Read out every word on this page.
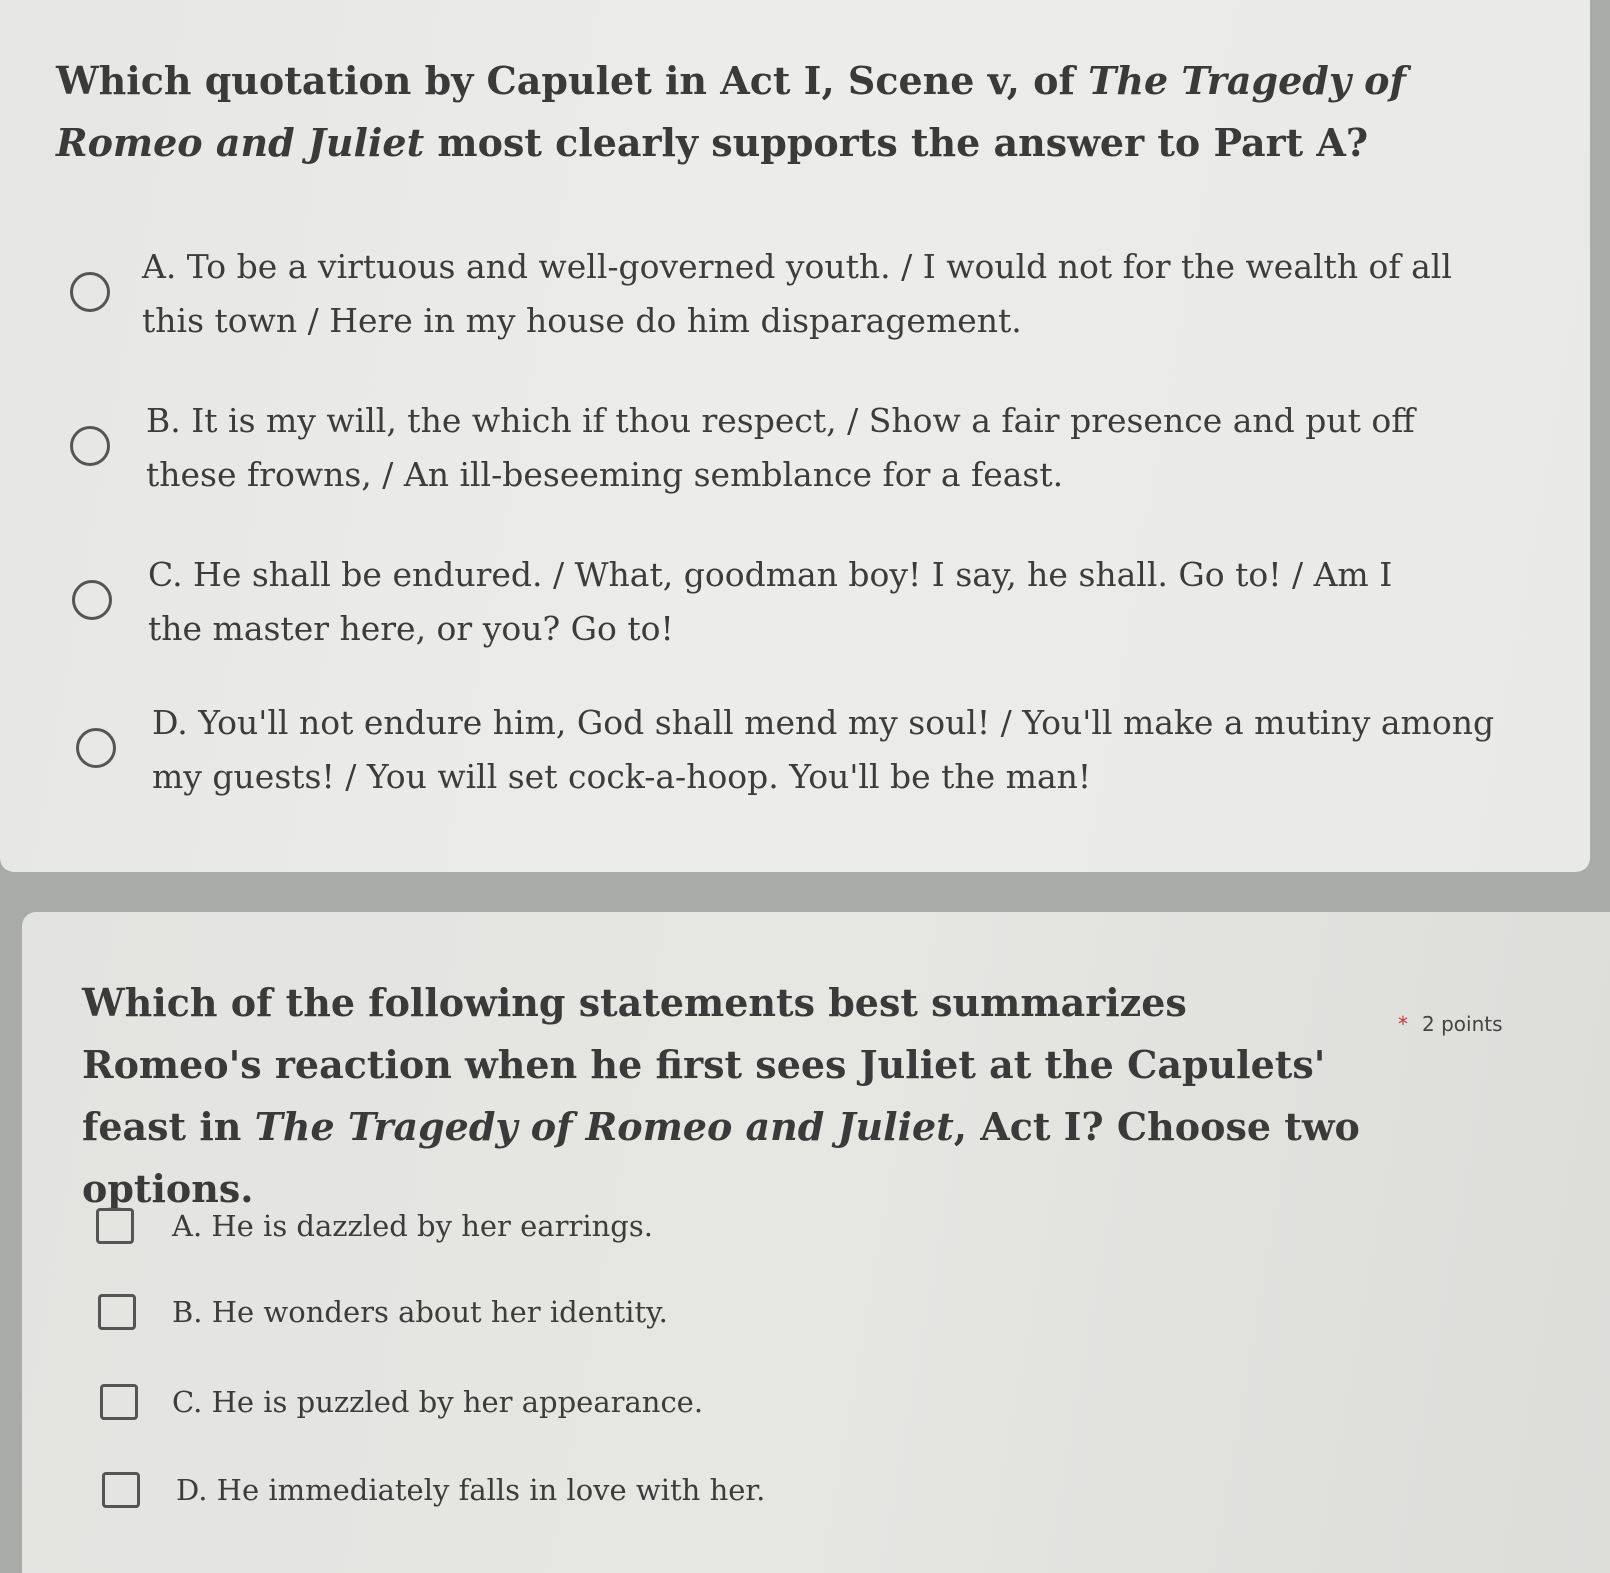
Which quotation by Capulet in Act I, Scene v, of The Tragedy of Romeo and Juliet most clearly supports the answer to Part A?
A. To be a virtuous and well-governed youth. / I would not for the wealth of all this town / Here in my house do him disparagement.
B. It is my will, the which if thou respect, / Show a fair presence and put off these frowns, / An ill-beseeming semblance for a feast.
C. He shall be endured. / What, goodman boy! I say, he shall. Go to! / Am I the master here, or you? Go to!
D. You'll not endure him, God shall mend my soul! / You'll make a mutiny among my guests! / You will set cock-a-hoop. You'll be the man!
Which of the following statements best summarizes Romeo's reaction when he first sees Juliet at the Capulets' feast in The Tragedy of Romeo and Juliet, Act I? Choose two options.
* 2 points
A. He is dazzled by her earrings.
B. He wonders about her identity.
C. He is puzzled by her appearance.
D. He immediately falls in love with her.
